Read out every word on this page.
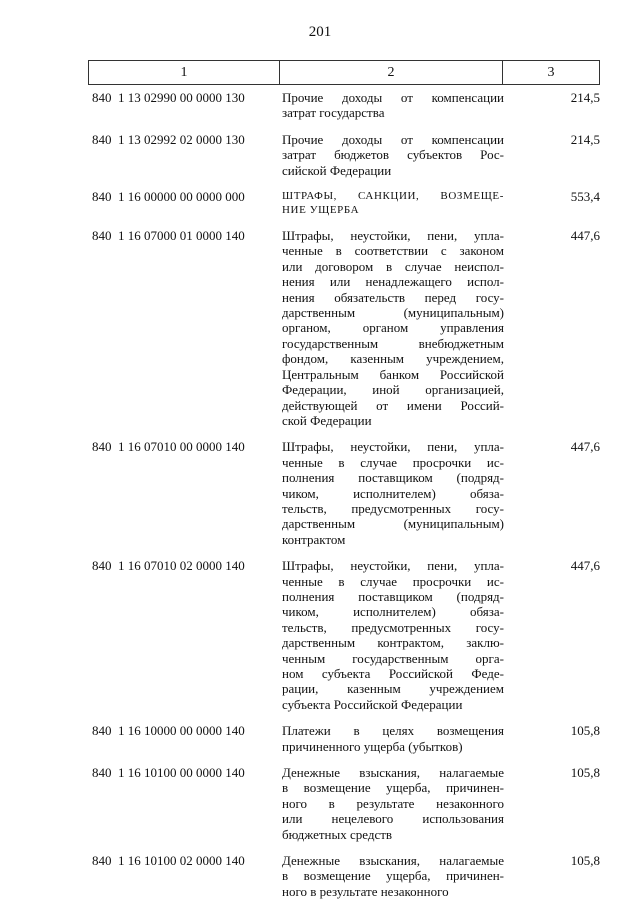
201
1	2	3
840 1 13 02990 00 0000 130	Прочие доходы от компенсации
затрат государства
214,5
840 1 13 02992 02 0000 130	Прочие доходы от компенсации
затрат бюджетов субъектов Рос-
сийской Федерации
214,5
840 1 16 00000 00 0000 000	ШТРАФЫ, САНКЦИИ, ВОЗМЕЩЕ-
НИЕ УЩЕРБА
553,4
840 1 16 07000 01 0000 140	Штрафы, неустойки, пени, упла-
ченные в соответствии с законом
или договором в случае неиспол-
нения или ненадлежащего испол-
нения обязательств перед госу-
дарственным (муниципальным)
органом, органом управления
государственным внебюджетным
фондом, казенным учреждением,
Центральным банком Российской
Федерации, иной организацией,
действующей от имени Россий-
ской Федерации
447,6
840 1 16 07010 00 0000 140	Штрафы, неустойки, пени, упла-
ченные в случае просрочки ис-
полнения поставщиком (подряд-
чиком, исполнителем) обяза-
тельств, предусмотренных госу-
дарственным (муниципальным)
контрактом
447,6
840 1 16 07010 02 0000 140	Штрафы, неустойки, пени, упла-
ченные в случае просрочки ис-
полнения поставщиком (подряд-
чиком, исполнителем) обяза-
тельств, предусмотренных госу-
дарственным контрактом, заклю-
ченным государственным орга-
ном субъекта Российской Феде-
рации, казенным учреждением
субъекта Российской Федерации
447,6
840 1 16 10000 00 0000 140	Платежи в целях возмещения
причиненного ущерба (убытков)
105,8
840 1 16 10100 00 0000 140	Денежные взыскания, налагаемые
в возмещение ущерба, причинен-
ного в результате незаконного
или нецелевого использования
бюджетных средств
105,8
840 1 16 10100 02 0000 140	Денежные взыскания, налагаемые
в возмещение ущерба, причинен-
ного в результате незаконного
105,8
